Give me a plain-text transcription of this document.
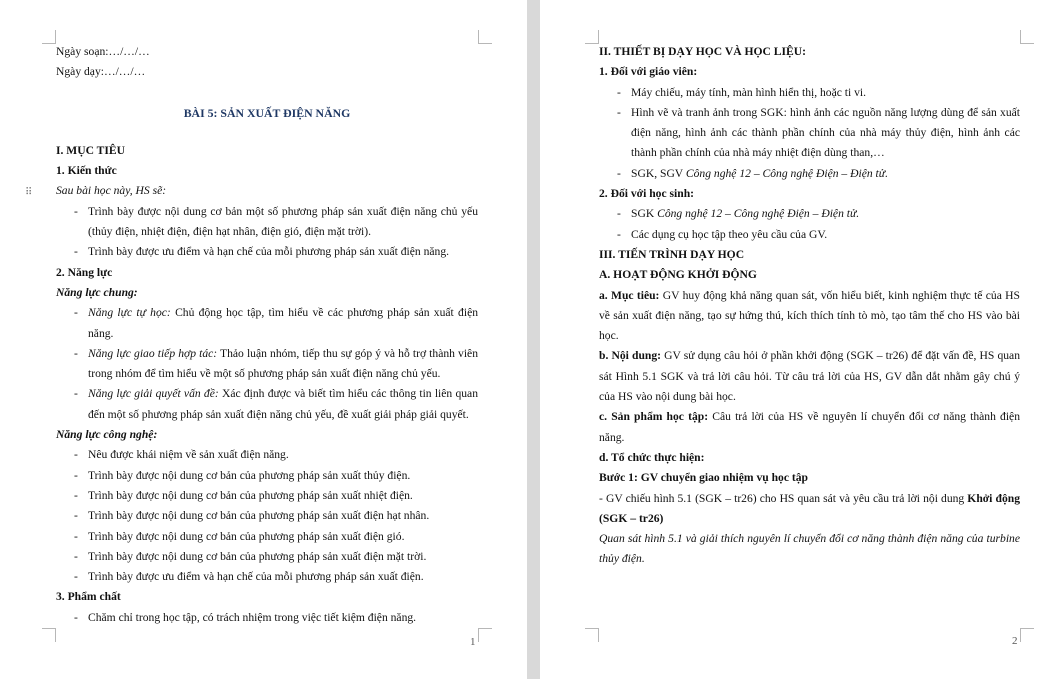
⠿
Ngày soạn:…/…/…
Ngày dạy:…/…/…
BÀI 5: SẢN XUẤT ĐIỆN NĂNG
I. MỤC TIÊU
1. Kiến thức
Sau bài học này, HS sẽ:
- Trình bày được nội dung cơ bản một số phương pháp sản xuất điện năng chủ yếu (thủy điện, nhiệt điện, điện hạt nhân, điện gió, điện mặt trời).

- Trình bày được ưu điểm và hạn chế của mỗi phương pháp sản xuất điện năng.

2. Năng lực
Năng lực chung:
- Năng lực tự học: Chủ động học tập, tìm hiểu về các phương pháp sản xuất điện năng.

- Năng lực giao tiếp hợp tác: Thảo luận nhóm, tiếp thu sự góp ý và hỗ trợ thành viên trong nhóm để tìm hiểu về một số phương pháp sản xuất điện năng chủ yếu.

- Năng lực giải quyết vấn đề: Xác định được và biết tìm hiểu các thông tin liên quan đến một số phương pháp sản xuất điện năng chủ yếu, đề xuất giải pháp giải quyết.

Năng lực công nghệ:
- Nêu được khái niệm về sản xuất điện năng.

- Trình bày được nội dung cơ bản của phương pháp sản xuất thủy điện.

- Trình bày được nội dung cơ bản của phương pháp sản xuất nhiệt điện.

- Trình bày được nội dung cơ bản của phương pháp sản xuất điện hạt nhân.

- Trình bày được nội dung cơ bản của phương pháp sản xuất điện gió.

- Trình bày được nội dung cơ bản của phương pháp sản xuất điện mặt trời.

- Trình bày được ưu điểm và hạn chế của mỗi phương pháp sản xuất điện.

3. Phẩm chất
- Chăm chỉ trong học tập, có trách nhiệm trong việc tiết kiệm điện năng.

1
II. THIẾT BỊ DẠY HỌC VÀ HỌC LIỆU:
1. Đối với giáo viên:
- Máy chiếu, máy tính, màn hình hiển thị, hoặc ti vi.

- Hình vẽ và tranh ảnh trong SGK: hình ảnh các nguồn năng lượng dùng để sản xuất điện năng, hình ảnh các thành phần chính của nhà máy thủy điện, hình ảnh các thành phần chính của nhà máy nhiệt điện dùng than,…

- SGK, SGV Công nghệ 12 – Công nghệ Điện – Điện tử.

2. Đối với học sinh:
- SGK Công nghệ 12 – Công nghệ Điện – Điện tử.

- Các dụng cụ học tập theo yêu cầu của GV.

III. TIẾN TRÌNH DẠY HỌC
A. HOẠT ĐỘNG KHỞI ĐỘNG
a. Mục tiêu: GV huy động khả năng quan sát, vốn hiểu biết, kinh nghiệm thực tế của HS về sản xuất điện năng, tạo sự hứng thú, kích thích tính tò mò, tạo tâm thế cho HS vào bài học.
b. Nội dung: GV sử dụng câu hỏi ở phần khởi động (SGK – tr26) để đặt vấn đề, HS quan sát Hình 5.1 SGK và trả lời câu hỏi. Từ câu trả lời của HS, GV dẫn dắt nhằm gây chú ý của HS vào nội dung bài học.
c. Sản phẩm học tập: Câu trả lời của HS về nguyên lí chuyển đổi cơ năng thành điện năng.
d. Tổ chức thực hiện:
Bước 1: GV chuyển giao nhiệm vụ học tập
- GV chiếu hình 5.1 (SGK – tr26) cho HS quan sát và yêu cầu trả lời nội dung Khởi động (SGK – tr26)
Quan sát hình 5.1 và giải thích nguyên lí chuyển đổi cơ năng thành điện năng của turbine thủy điện.
2
